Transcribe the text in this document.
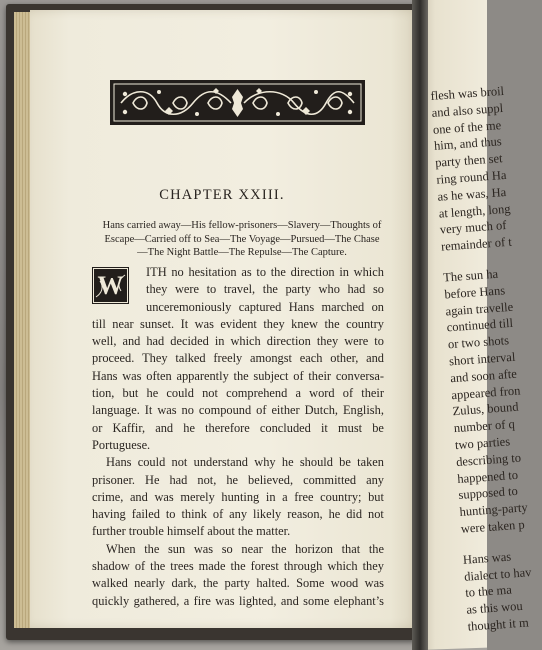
flesh was broil
and also suppl
one of the me
him, and thus
party then set
ring round Ha
as he was, Ha
at length, long
very much of
remainder of t
The sun ha
before Hans
again travelle
continued till
or two shots
short interval
and soon afte
appeared fron
Zulus, bound
number of q
two parties
describing to
happened to
supposed to
hunting-party
were taken p
Hans was
dialect to hav
to the ma
as this wou
thought it m
CHAPTER XXIII.
Hans carried away—His fellow-prisoners—Slavery—Thoughts of
Escape—Carried off to Sea—The Voyage—Pursued—The Chase
—The Night Battle—The Repulse—The Capture.
W ITH no hesitation as to the direction in which
they were to travel, the party who had so
unceremoniously captured Hans marched on
till near sunset. It was evident they knew the country
well, and had decided in which direction they were to
proceed. They talked freely amongst each other, and
Hans was often apparently the subject of their conversa-
tion, but he could not comprehend a word of their
language. It was no compound of either Dutch, English,
or Kaffir, and he therefore concluded it must be
Portuguese.
Hans could not understand why he should be taken
prisoner. He had not, he believed, committed any
crime, and was merely hunting in a free country; but
having failed to think of any likely reason, he did not
further trouble himself about the matter.
When the sun was so near the horizon that the
shadow of the trees made the forest through which they
walked nearly dark, the party halted. Some wood was
quickly gathered, a fire was lighted, and some elephant’s
